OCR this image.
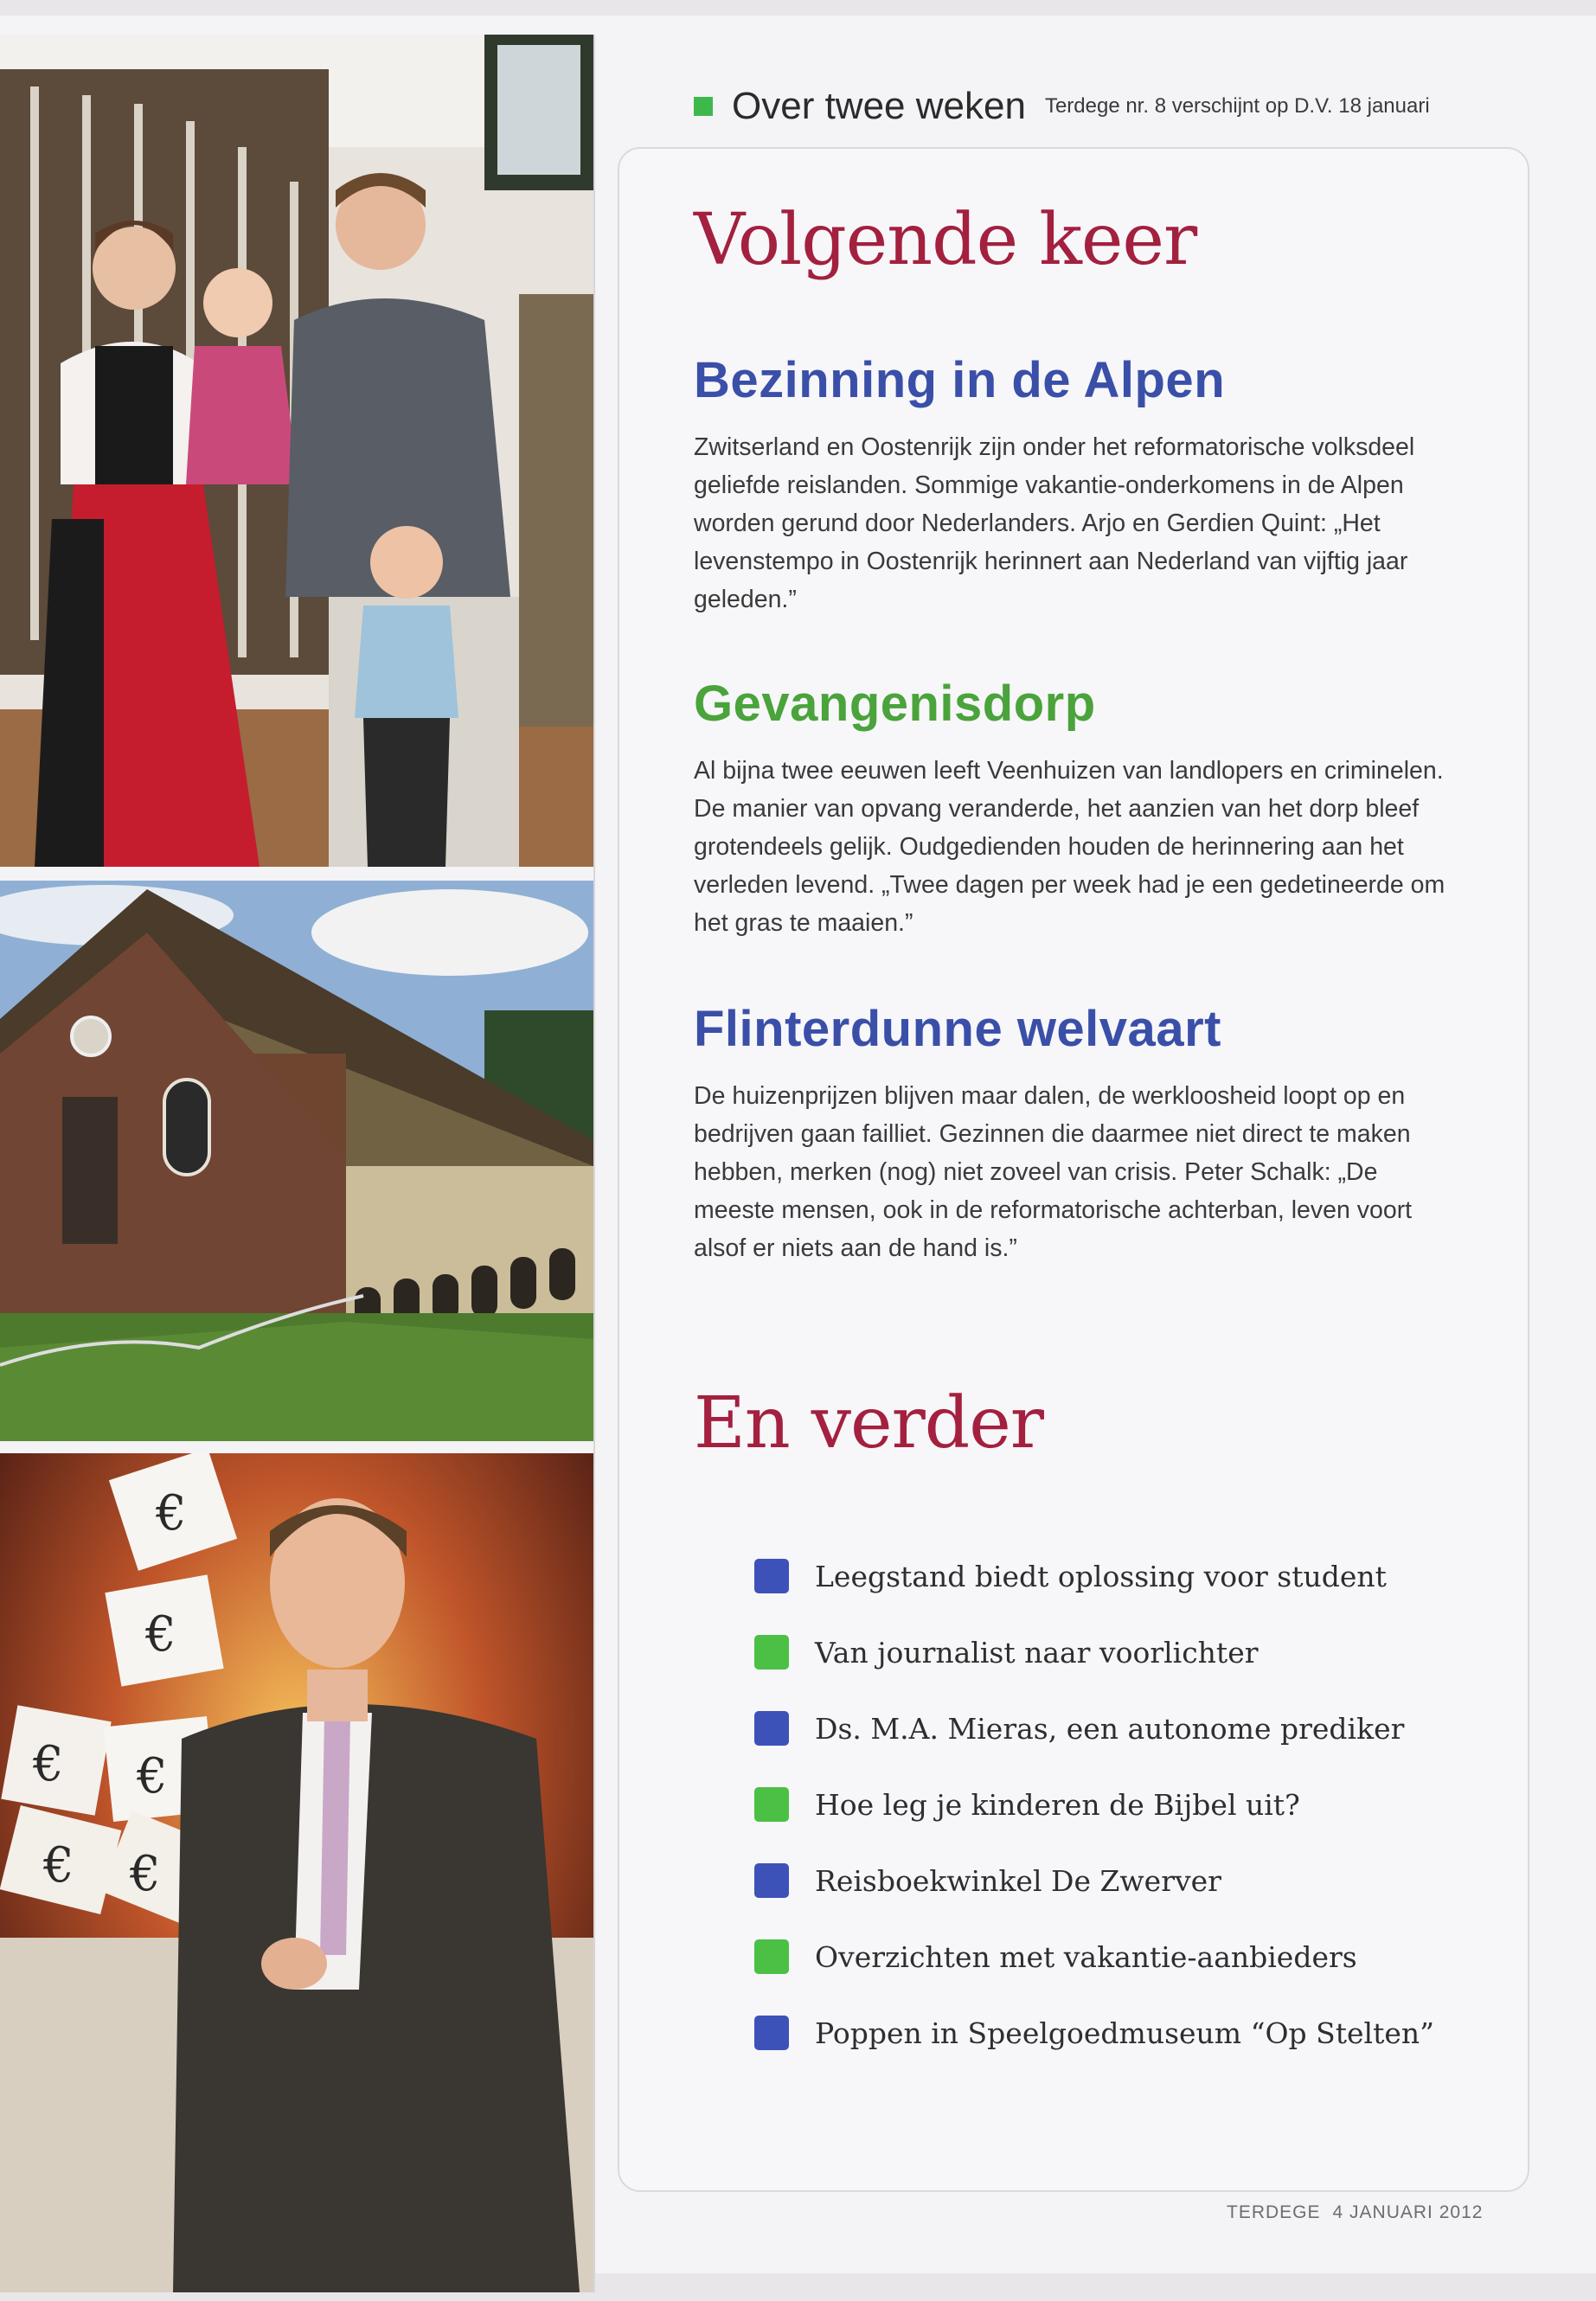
€
€
€ €
€ €
Over twee weken Terdege nr. 8 verschijnt op D.V. 18 januari
Volgende keer
Bezinning in de Alpen

Zwitserland en Oostenrijk zijn onder het reformatorische volksdeel geliefde reislanden. Sommige vakantie-onderkomens in de Alpen worden gerund door Nederlanders. Arjo en Gerdien Quint: „Het levenstempo in Oostenrijk herinnert aan Nederland van vijftig jaar geleden.”

Gevangenisdorp

Al bijna twee eeuwen leeft Veenhuizen van landlopers en criminelen. De manier van opvang veranderde, het aanzien van het dorp bleef grotendeels gelijk. Oudgedienden houden de herinnering aan het verleden levend. „Twee dagen per week had je een gedetineerde om het gras te maaien.”

Flinterdunne welvaart

De huizenprijzen blijven maar dalen, de werkloosheid loopt op en bedrijven gaan failliet. Gezinnen die daarmee niet direct te maken hebben, merken (nog) niet zoveel van crisis. Peter Schalk: „De meeste mensen, ook in de reformatorische achterban, leven voort alsof er niets aan de hand is.”

En verder
Leegstand biedt oplossing voor student
Van journalist naar voorlichter
Ds. M.A. Mieras, een autonome prediker
Hoe leg je kinderen de Bijbel uit?
Reisboekwinkel De Zwerver
Overzichten met vakantie-aanbieders
Poppen in Speelgoedmuseum “Op Stelten”
TERDEGE 4 JANUARI 2012
